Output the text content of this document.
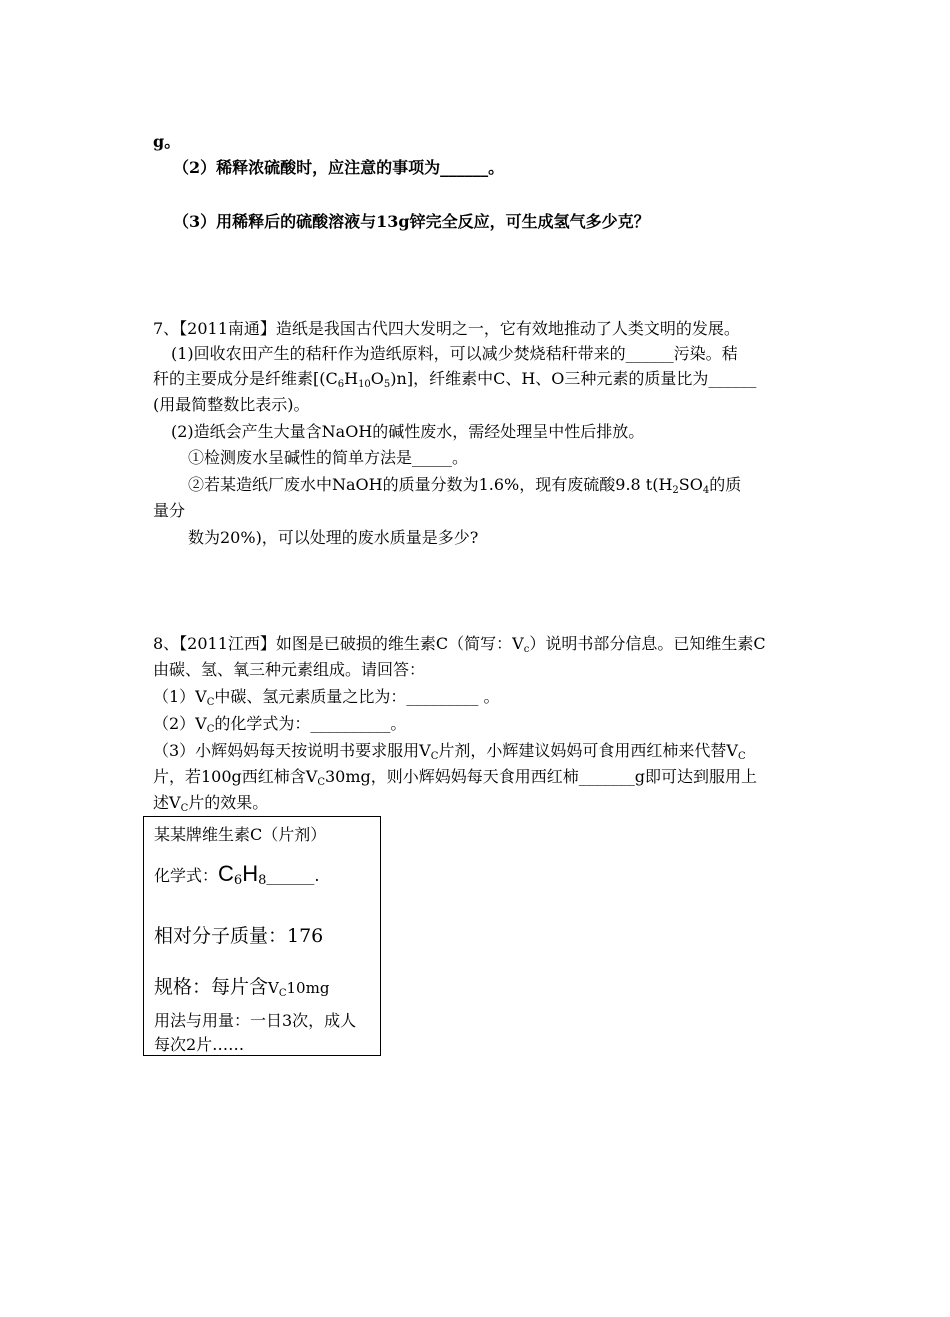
g。
（2）稀释浓硫酸时，应注意的事项为______。
（3）用稀释后的硫酸溶液与13g锌完全反应，可生成氢气多少克？
7、【2011南通】造纸是我国古代四大发明之一，它有效地推动了人类文明的发展。
(1)回收农田产生的秸秆作为造纸原料，可以减少焚烧秸秆带来的______污染。秸
秆的主要成分是纤维素$[(C_6H_{10}O_5)n]$，纤维素中C、H、O三种元素的质量比为______
(用最简整数比表示)。
(2)造纸会产生大量含NaOH的碱性废水，需经处理呈中性后排放。
①检测废水呈碱性的简单方法是_____。
②若某造纸厂废水中NaOH的质量分数为1.6%，现有废硫酸9.8 $t(H_2SO_4$的质
量分
数为20%)，可以处理的废水质量是多少?
8、【2011江西】如图是已破损的维生素C（简写：$V_c$）说明书部分信息。已知维生素C
由碳、氢、氧三种元素组成。请回答：
$(1)V_C$中碳、氢元素质量之比为：_________ 。
$(2)V_C$的化学式为：__________。
（3）小辉妈妈每天按说明书要求服用$V_C$片剂，小辉建议妈妈可食用西红柿来代替$V_C$
片，若100g西红柿含$V_C30mg$，则小辉妈妈每天食用西红柿_______g即可达到服用上
述$V_C$片的效果。
某某牌维生素C（片剂）
化学式：C6H8______.
相对分子质量：176
规格：每片含VC10mg
用法与用量：一日3次，成人
每次2片……
